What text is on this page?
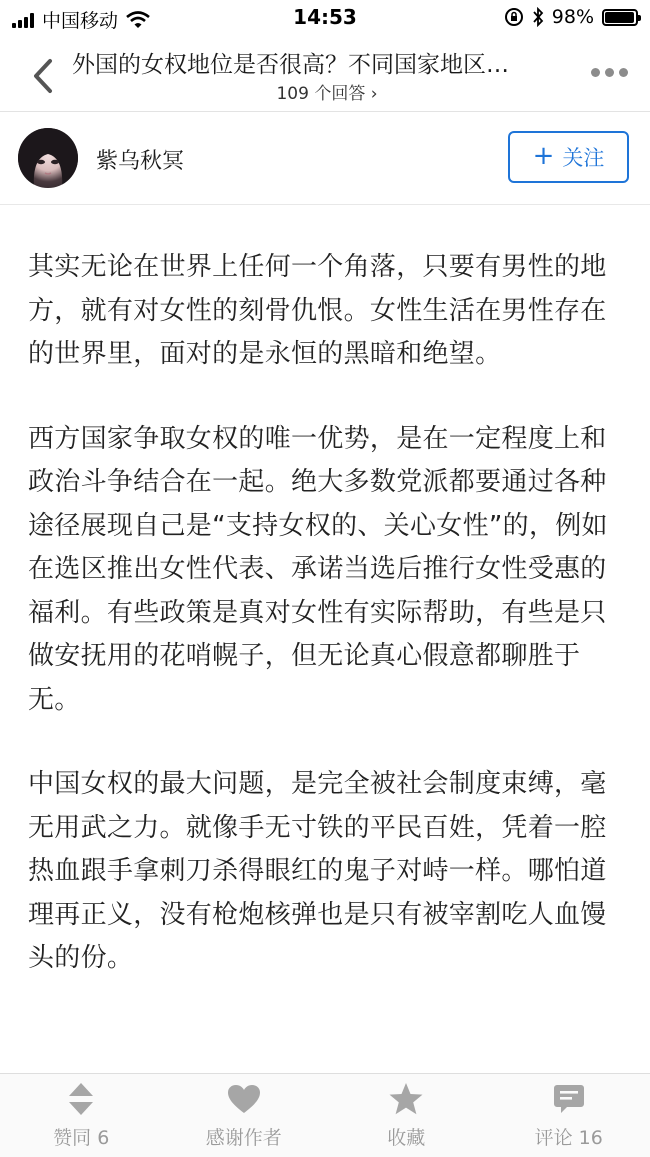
中国移动	14:53	98%
外国的女权地位是否很高？不同国家地区…
109 个回答 ›
紫乌秋冥	+ 关注

其实无论在世界上任何一个角落，只要有男性的地方，就有对女性的刻骨仇恨。女性生活在男性存在的世界里，面对的是永恒的黑暗和绝望。

西方国家争取女权的唯一优势，是在一定程度上和政治斗争结合在一起。绝大多数党派都要通过各种途径展现自己是“支持女权的、关心女性”的，例如在选区推出女性代表、承诺当选后推行女性受惠的福利。有些政策是真对女性有实际帮助，有些是只做安抚用的花哨幌子，但无论真心假意都聊胜于无。

中国女权的最大问题，是完全被社会制度束缚，毫无用武之力。就像手无寸铁的平民百姓，凭着一腔热血跟手拿刺刀杀得眼红的鬼子对峙一样。哪怕道理再正义，没有枪炮核弹也是只有被宰割吃人血馒头的份。

赞同 6	感谢作者	收藏	评论 16
